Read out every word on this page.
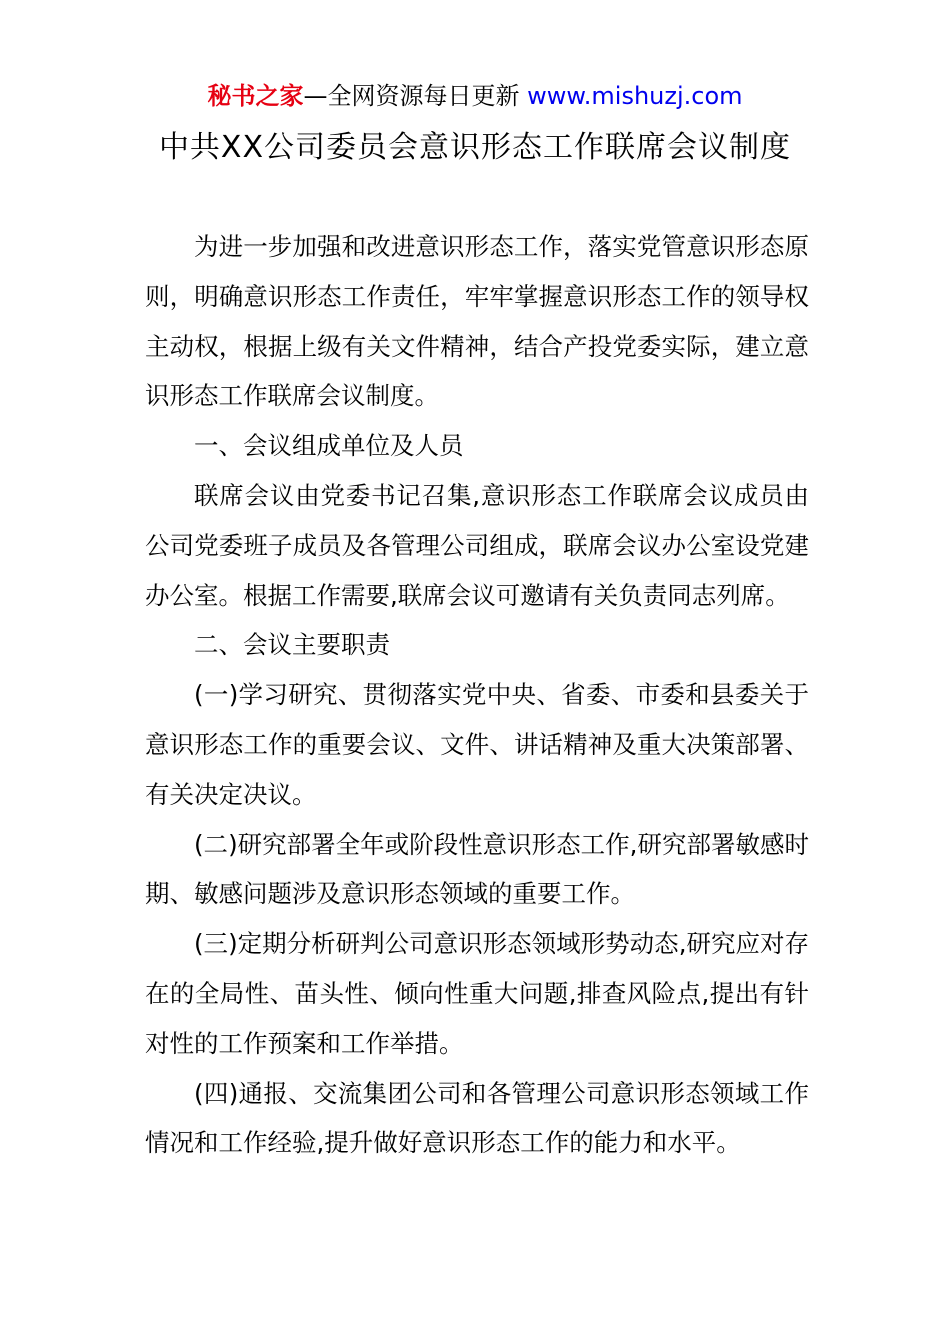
秘书之家—全网资源每日更新 www.mishuzj.com
中共XX公司委员会意识形态工作联席会议制度

为进一步加强和改进意识形态工作，落实党管意识形态原则，明确意识形态工作责任，牢牢掌握意识形态工作的领导权主动权，根据上级有关文件精神，结合产投党委实际，建立意识形态工作联席会议制度。

一、会议组成单位及人员

联席会议由党委书记召集,意识形态工作联席会议成员由公司党委班子成员及各管理公司组成，联席会议办公室设党建办公室。根据工作需要,联席会议可邀请有关负责同志列席。

二、会议主要职责

(一)学习研究、贯彻落实党中央、省委、市委和县委关于意识形态工作的重要会议、文件、讲话精神及重大决策部署、有关决定决议。

(二)研究部署全年或阶段性意识形态工作,研究部署敏感时期、敏感问题涉及意识形态领域的重要工作。

(三)定期分析研判公司意识形态领域形势动态,研究应对存在的全局性、苗头性、倾向性重大问题,排查风险点,提出有针对性的工作预案和工作举措。

(四)通报、交流集团公司和各管理公司意识形态领域工作情况和工作经验,提升做好意识形态工作的能力和水平。
